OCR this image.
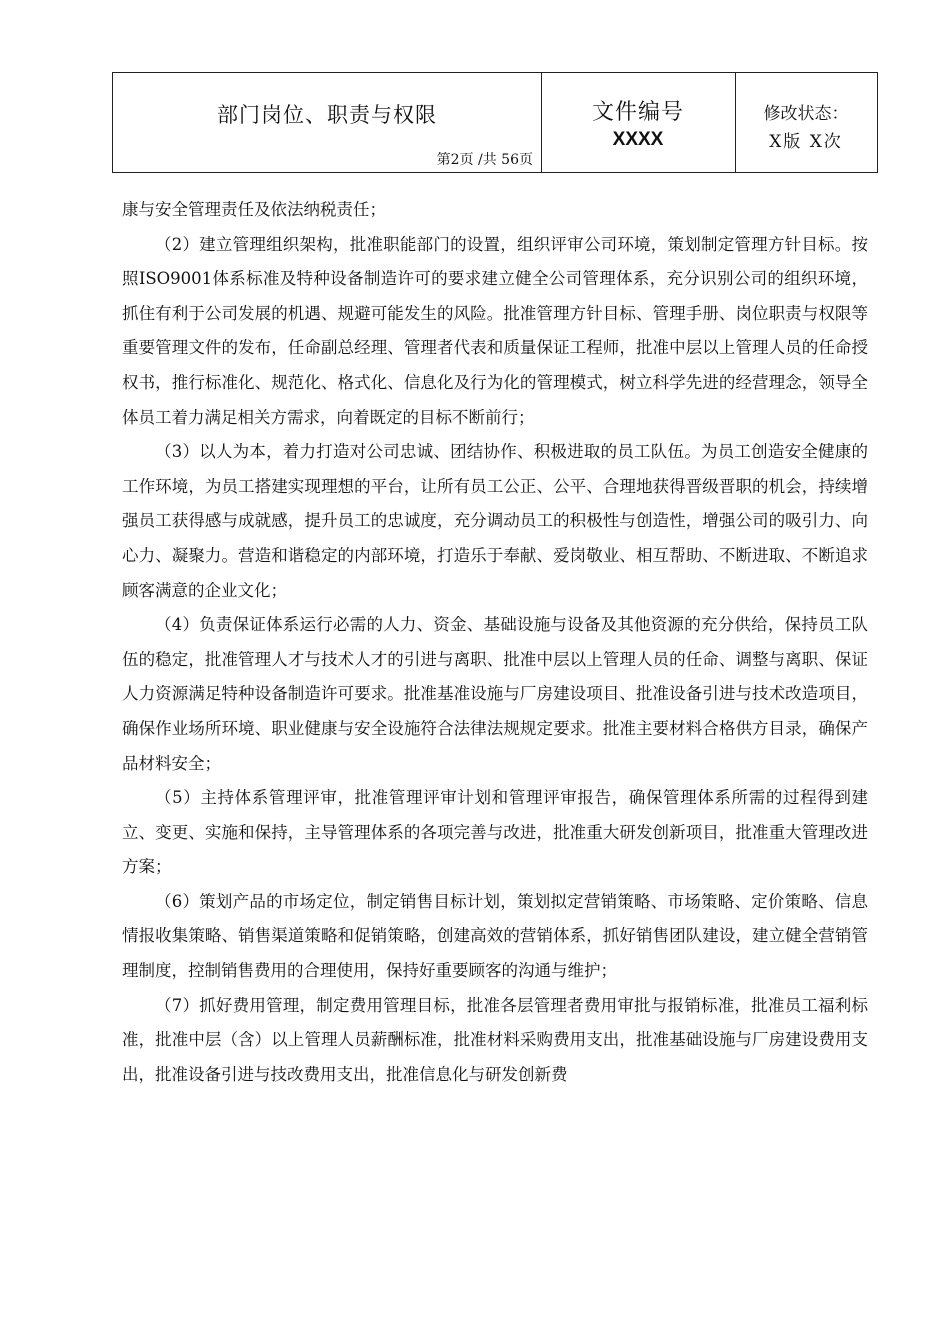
部门岗位、职责与权限
第2页 /共 56页
文件编号
XXXX
修改状态：
X版 X次

康与安全管理责任及依法纳税责任；

（2）建立管理组织架构，批准职能部门的设置，组织评审公司环境，策划制定管理方针目标。按照ISO9001体系标准及特种设备制造许可的要求建立健全公司管理体系，充分识别公司的组织环境，抓住有利于公司发展的机遇、规避可能发生的风险。批准管理方针目标、管理手册、岗位职责与权限等重要管理文件的发布，任命副总经理、管理者代表和质量保证工程师，批准中层以上管理人员的任命授权书，推行标准化、规范化、格式化、信息化及行为化的管理模式，树立科学先进的经营理念，领导全体员工着力满足相关方需求，向着既定的目标不断前行；

（3）以人为本，着力打造对公司忠诚、团结协作、积极进取的员工队伍。为员工创造安全健康的工作环境，为员工搭建实现理想的平台，让所有员工公正、公平、合理地获得晋级晋职的机会，持续增强员工获得感与成就感，提升员工的忠诚度，充分调动员工的积极性与创造性，增强公司的吸引力、向心力、凝聚力。营造和谐稳定的内部环境，打造乐于奉献、爱岗敬业、相互帮助、不断进取、不断追求顾客满意的企业文化；

（4）负责保证体系运行必需的人力、资金、基础设施与设备及其他资源的充分供给，保持员工队伍的稳定，批准管理人才与技术人才的引进与离职、批准中层以上管理人员的任命、调整与离职、保证人力资源满足特种设备制造许可要求。批准基准设施与厂房建设项目、批准设备引进与技术改造项目，确保作业场所环境、职业健康与安全设施符合法律法规规定要求。批准主要材料合格供方目录，确保产品材料安全；

（5）主持体系管理评审，批准管理评审计划和管理评审报告，确保管理体系所需的过程得到建立、变更、实施和保持，主导管理体系的各项完善与改进，批准重大研发创新项目，批准重大管理改进方案；

（6）策划产品的市场定位，制定销售目标计划，策划拟定营销策略、市场策略、定价策略、信息情报收集策略、销售渠道策略和促销策略，创建高效的营销体系，抓好销售团队建设，建立健全营销管理制度，控制销售费用的合理使用，保持好重要顾客的沟通与维护；

（7）抓好费用管理，制定费用管理目标，批准各层管理者费用审批与报销标准，批准员工福利标准，批准中层（含）以上管理人员薪酬标准，批准材料采购费用支出，批准基础设施与厂房建设费用支出，批准设备引进与技改费用支出，批准信息化与研发创新费
